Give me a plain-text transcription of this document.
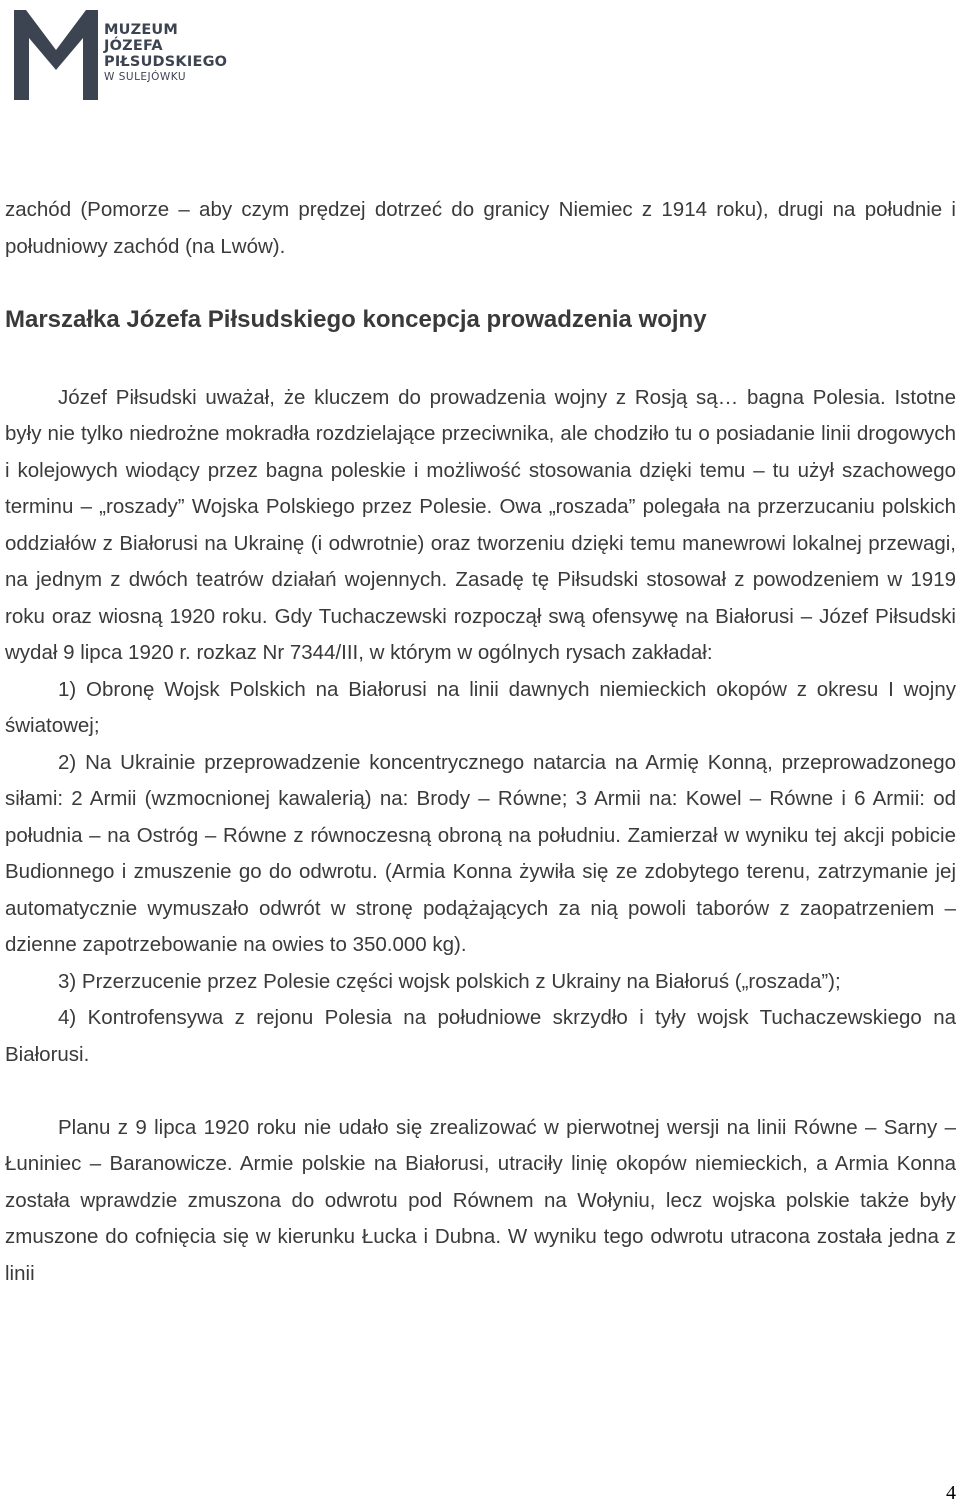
MUZEUM
JÓZEFA
PIŁSUDSKIEGO
W SULEJÓWKU

zachód (Pomorze – aby czym prędzej dotrzeć do granicy Niemiec z 1914 roku), drugi na południe i południowy zachód (na Lwów).

Marszałka Józefa Piłsudskiego koncepcja prowadzenia wojny

Józef Piłsudski uważał, że kluczem do prowadzenia wojny z Rosją są… bagna Polesia. Istotne były nie tylko niedrożne mokradła rozdzielające przeciwnika, ale chodziło tu o posiadanie linii drogowych i kolejowych wiodący przez bagna poleskie i możliwość stosowania dzięki temu – tu użył szachowego terminu – „roszady” Wojska Polskiego przez Polesie. Owa „roszada” polegała na przerzucaniu polskich oddziałów z Białorusi na Ukrainę (i odwrotnie) oraz tworzeniu dzięki temu manewrowi lokalnej przewagi, na jednym z dwóch teatrów działań wojennych. Zasadę tę Piłsudski stosował z powodzeniem w 1919 roku oraz wiosną 1920 roku. Gdy Tuchaczewski rozpoczął swą ofensywę na Białorusi – Józef Piłsudski wydał 9 lipca 1920 r. rozkaz Nr 7344/III, w którym w ogólnych rysach zakładał:

1) Obronę Wojsk Polskich na Białorusi na linii dawnych niemieckich okopów z okresu I wojny światowej;

2) Na Ukrainie przeprowadzenie koncentrycznego natarcia na Armię Konną, przeprowadzonego siłami: 2 Armii (wzmocnionej kawalerią) na: Brody – Równe; 3 Armii na: Kowel – Równe i 6 Armii: od południa – na Ostróg – Równe z równoczesną obroną na południu. Zamierzał w wyniku tej akcji pobicie Budionnego i zmuszenie go do odwrotu. (Armia Konna żywiła się ze zdobytego terenu, zatrzymanie jej automatycznie wymuszało odwrót w stronę podążających za nią powoli taborów z zaopatrzeniem – dzienne zapotrzebowanie na owies to 350.000 kg).

3) Przerzucenie przez Polesie części wojsk polskich z Ukrainy na Białoruś („roszada”);

4) Kontrofensywa z rejonu Polesia na południowe skrzydło i tyły wojsk Tuchaczewskiego na Białorusi.

Planu z 9 lipca 1920 roku nie udało się zrealizować w pierwotnej wersji na linii Równe – Sarny – Łuniniec – Baranowicze. Armie polskie na Białorusi, utraciły linię okopów niemieckich, a Armia Konna została wprawdzie zmuszona do odwrotu pod Równem na Wołyniu, lecz wojska polskie także były zmuszone do cofnięcia się w kierunku Łucka i Dubna. W wyniku tego odwrotu utracona została jedna z linii

4
